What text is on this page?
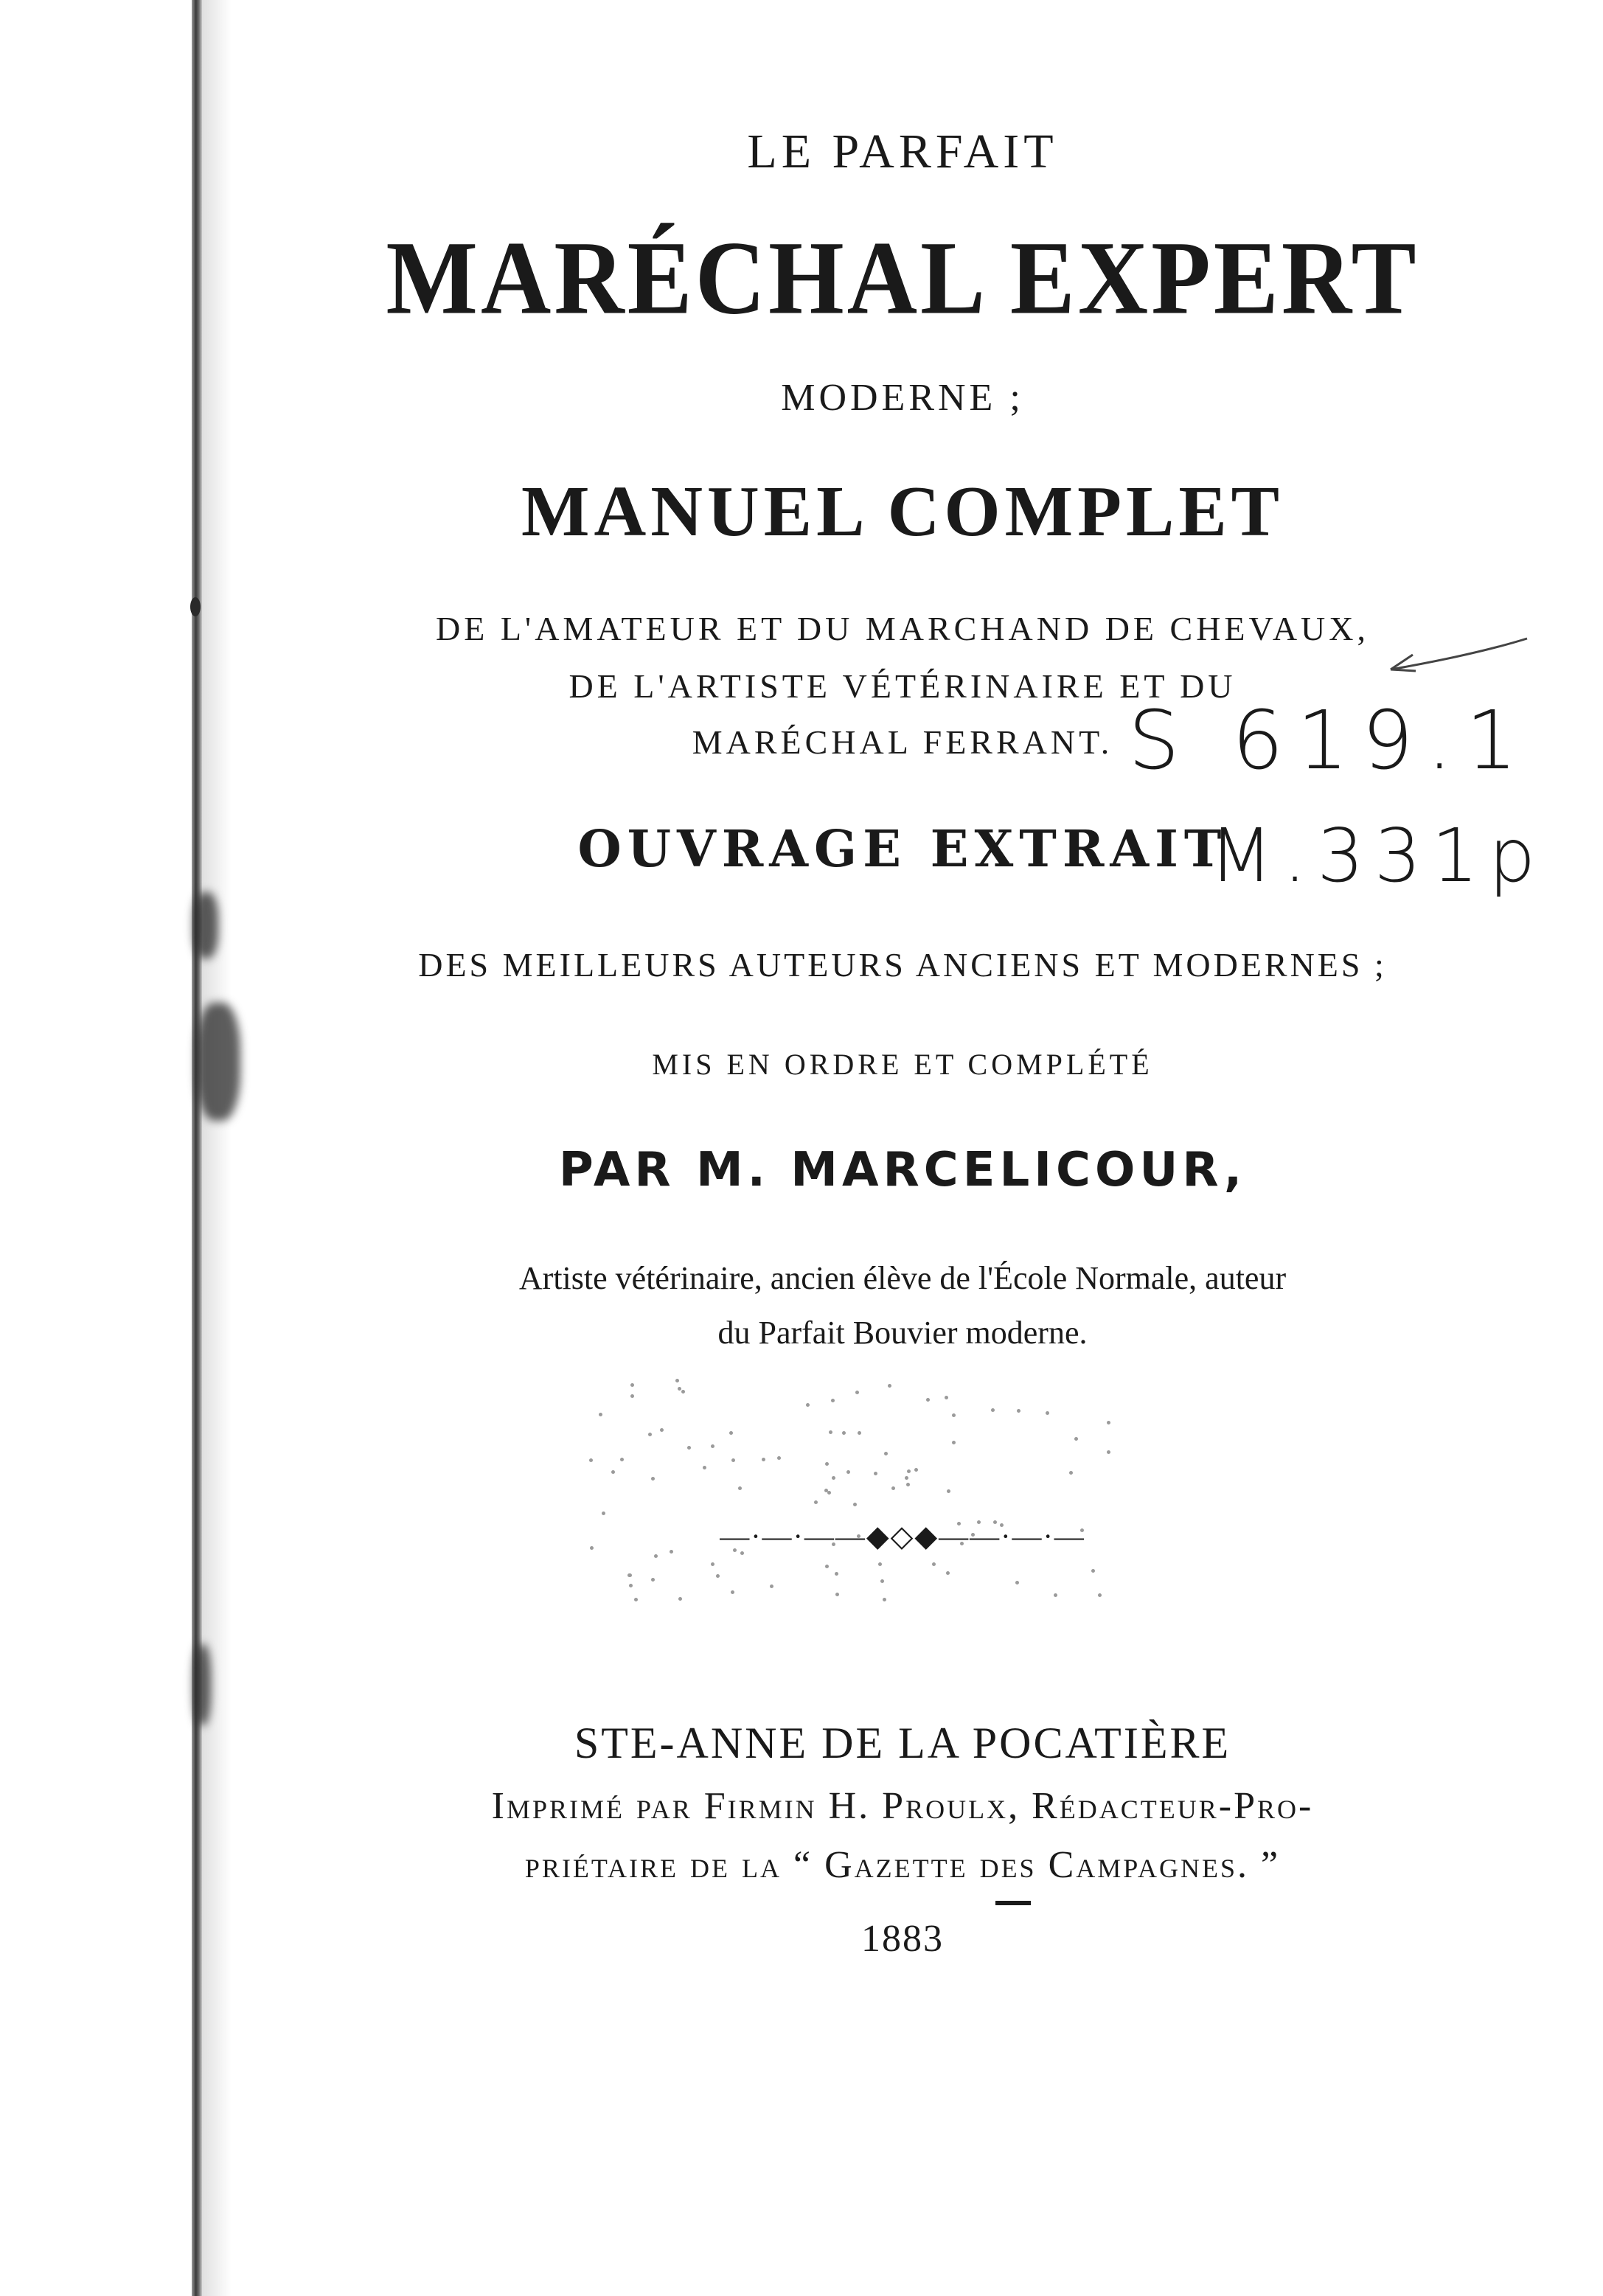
LE PARFAIT
MARÉCHAL EXPERT
MODERNE ;
MANUEL COMPLET
DE L'AMATEUR ET DU MARCHAND DE CHEVAUX,
DE L'ARTISTE VÉTÉRINAIRE ET DU
MARÉCHAL FERRANT.
OUVRAGE EXTRAIT
DES MEILLEURS AUTEURS ANCIENS ET MODERNES ;
MIS EN ORDRE ET COMPLÉTÉ
PAR M. MARCELICOUR,
Artiste vétérinaire, ancien élève de l'École Normale, auteur
du Parfait Bouvier moderne.
—·—·——◆◇◆——·—·—
STE-ANNE DE LA POCATIÈRE
Imprimé par Firmin H. Proulx, Rédacteur-Pro-
priétaire de la “ Gazette des Campagnes. ”
1883
S 619.1
M.331p
